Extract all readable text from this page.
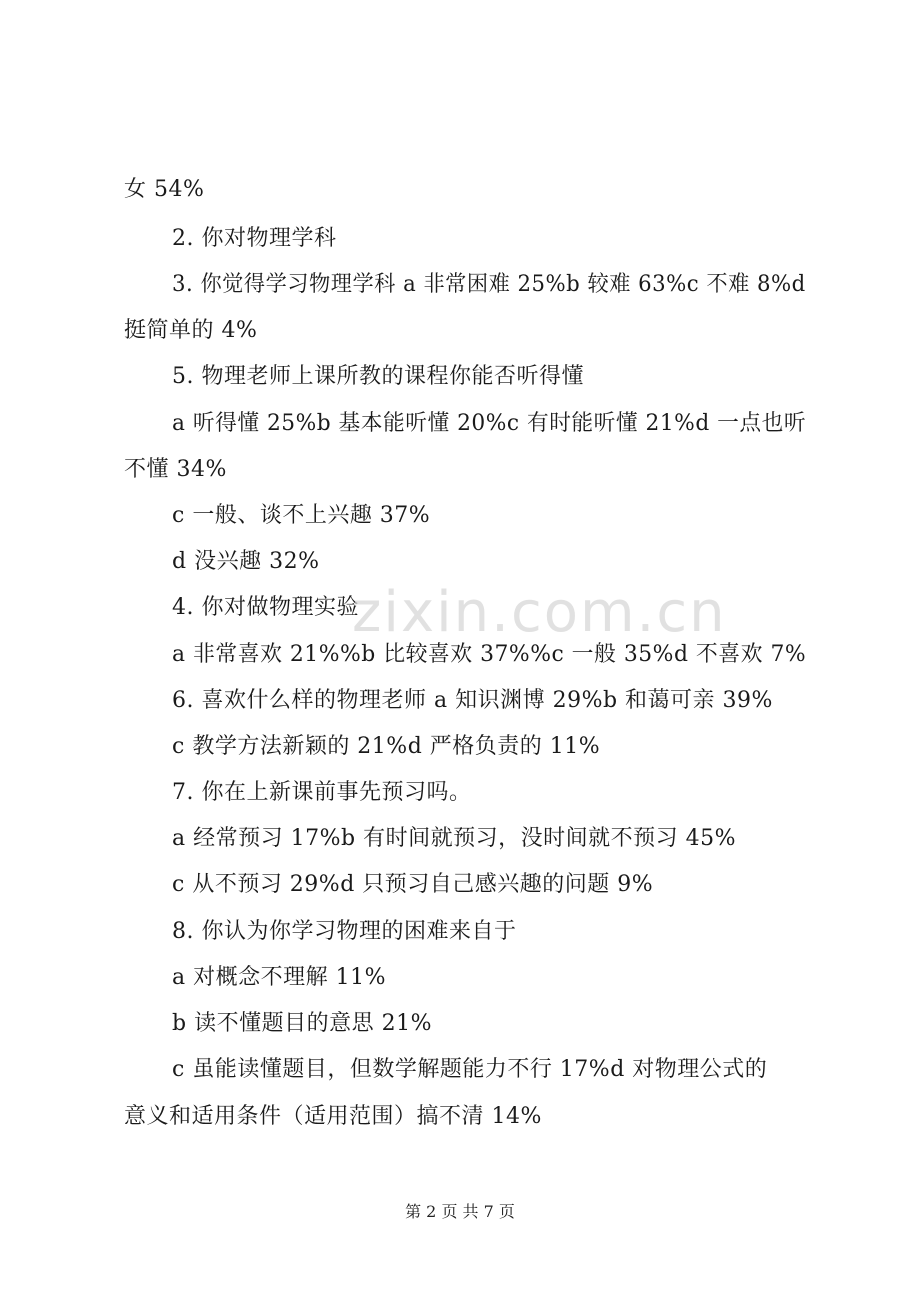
女 54%
2. 你对物理学科
3. 你觉得学习物理学科 a 非常困难 25%b 较难 63%c 不难 8%d
挺简单的 4%
5. 物理老师上课所教的课程你能否听得懂
a 听得懂 25%b 基本能听懂 20%c 有时能听懂 21%d 一点也听
不懂 34%
c 一般、谈不上兴趣 37%
d 没兴趣 32%
4. 你对做物理实验
a 非常喜欢 21%%b 比较喜欢 37%%c 一般 35%d 不喜欢 7%
6. 喜欢什么样的物理老师 a 知识渊博 29%b 和蔼可亲 39%
c 教学方法新颖的 21%d 严格负责的 11%
7. 你在上新课前事先预习吗。
a 经常预习 17%b 有时间就预习，没时间就不预习 45%
c 从不预习 29%d 只预习自己感兴趣的问题 9%
8. 你认为你学习物理的困难来自于
a 对概念不理解 11%
b 读不懂题目的意思 21%
c 虽能读懂题目，但数学解题能力不行 17%d 对物理公式的
意义和适用条件（适用范围）搞不清 14%
zixin.com.cn
第 2 页 共 7 页
